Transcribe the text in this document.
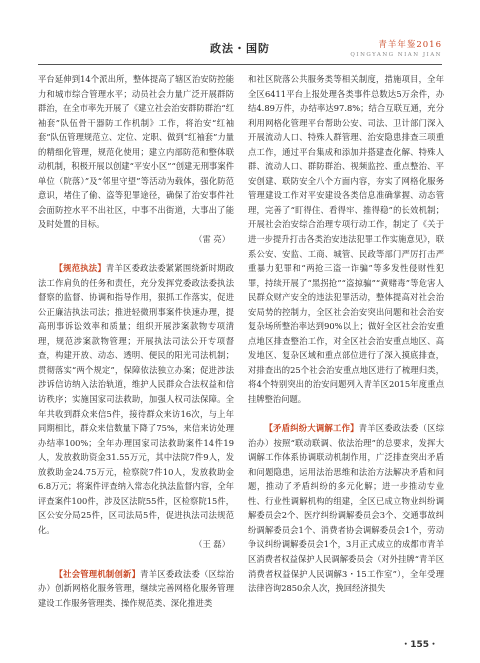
政法・国防	青羊年鉴2016
QINGYANG NIAN JIAN

平台延伸到14个派出所，整体提高了辖区治安防控能力和城市综合管理水平；动员社会力量广泛开展群防群治，在全市率先开展了《建立社会治安群防群治“红袖套”队伍骨干器防工作机制》工作，将治安“红袖套”队伍管理规范立、定位、定职、做到“红袖套”力量的精细化管理，规范化使用；建立内部防范和整体联动机制，积极开展以创建“平安小区”“创建无刑事案件单位（院落）”及“邻里守望”等活动为载体，强化防范意识，堵住了偷、盗等犯罪途径，确保了治安事件社会面防控水平不出社区，中事不出街道，大事出了能及时处置的目标。

（雷 亮）

【规范执法】青羊区委政法委紧紧围绕新时期政法工作肩负的任务和责任，充分发挥党委政法委执法督察的监督、协调和指导作用，狠抓工作落实，促进公正廉洁执法司法；推进轻微刑事案件快速办理，提高刑事诉讼效率和质量；组织开展涉案款物专项清理，规范涉案款物管理；开展执法司法公开专项督查，构建开放、动态、透明、便民的阳光司法机制；贯彻落实“两个规定”，保障依法独立办案；促进涉法涉诉信访纳入法治轨道，维护人民群众合法权益和信访秩序；实施国家司法救助，加强人权司法保障。全年共收到群众来信5件，接待群众来访16次，与上年同期相比，群众来信数量下降了75%，来信来访处理办结率100%；全年办理国家司法救助案件14件19人，发放救助资金31.55万元，其中法院7件9人，发放救助金24.75万元，检察院7件10人，发放救助金6.8万元；将案件评查纳入常态化执法监督内容，全年评查案件100件，涉及区法院55件，区检察院15件，区公安分局25件，区司法局5件，促进执法司法规范化。

（王 磊）

【社会管理机制创新】青羊区委政法委（区综治办）创新网格化服务管理，继续完善网格化服务管理建设工作服务管理类、操作规范类、深化推进类

和社区院落公共服务类等相关制度，措施项目，全年全区6411平台上报处理各类事件总数达5万余件，办结4.89万件，办结率达97.8%；结合互联互通，充分利用网格化管理平台帮助公安、司法、卫计部门深入开展流动人口、特殊人群管理、治安隐患排查三项重点工作，通过平台集成和添加并搭建查化解、特殊人群、流动人口、群防群治、视频监控、重点整治、平安创建、联防安全八个方面内容，夯实了网格化服务管理建设工作对平安建设各类信息准确掌握、动态管理，完善了“盯得住、看得牢、推得稳”的长效机制；开展社会治安综合治理专项行动工作，制定了《关于进一步提升打击各类治安违法犯罪工作实施意见》，联系公安、安监、工商、城管、民政等部门严厉打击严重暴力犯罪和“两抢三盗一诈骗”等多发性侵财性犯罪，持续开展了“黑拐抢”“盗掠骗”“黄赌毒”等危害人民群众财产安全的违法犯罪活动，整体提高对社会治安局势的控制力，全区社会治安突出问题和社会治安复杂场所整治率达到90%以上；做好全区社会治安重点地区排查整治工作，对全区社会治安重点地区、高发地区、复杂区域和重点部位进行了深入摸底排查，对排查出的25个社会治安重点地区进行了梳理归类，将4个特别突出的治安问题列入青羊区2015年度重点挂牌整治问题。

【矛盾纠纷大调解工作】青羊区委政法委（区综治办）按照“联动联调、依法治理”的总要求，发挥大调解工作体系协调联动机制作用，广泛排查突出矛盾和问题隐患，运用法治思维和法治方法解决矛盾和问题，推动了矛盾纠纷的多元化解；进一步推动专业性、行业性调解机构的组建，全区已成立物业纠纷调解委员会2个、医疗纠纷调解委员会3个、交通事故纠纷调解委员会1个、消费者协会调解委员会1个，劳动争议纠纷调解委员会1个，3月正式成立的成都市青羊区消费者权益保护人民调解委员会（对外挂牌“青羊区消费者权益保护人民调解3・15工作室”），全年受理法律咨询2850余人次，挽回经济损失

・155・
